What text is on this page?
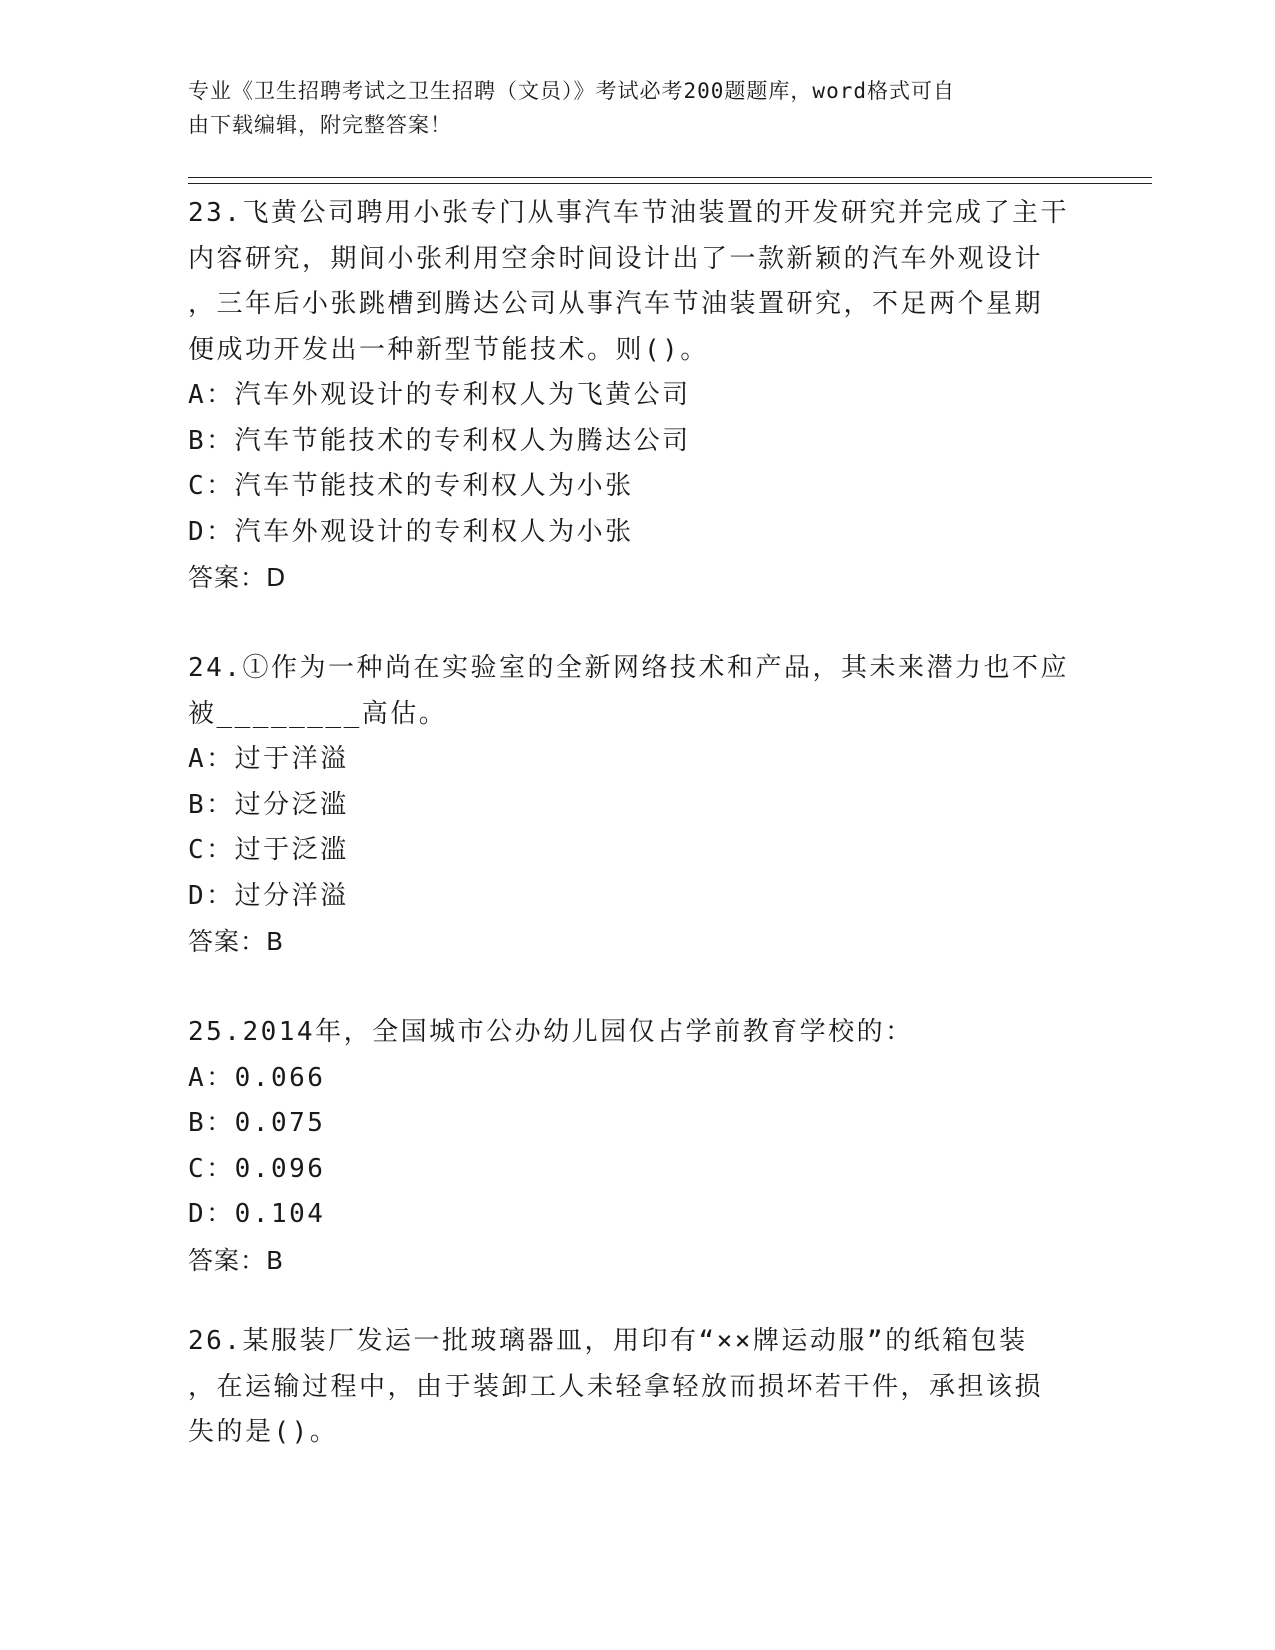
专业《卫生招聘考试之卫生招聘（文员）》考试必考200题题库，word格式可自
由下载编辑，附完整答案！

23.飞黄公司聘用小张专门从事汽车节油装置的开发研究并完成了主干

内容研究，期间小张利用空余时间设计出了一款新颖的汽车外观设计

，三年后小张跳槽到腾达公司从事汽车节油装置研究，不足两个星期

便成功开发出一种新型节能技术。则()。

A：汽车外观设计的专利权人为飞黄公司

B：汽车节能技术的专利权人为腾达公司

C：汽车节能技术的专利权人为小张

D：汽车外观设计的专利权人为小张

答案：D

24.①作为一种尚在实验室的全新网络技术和产品，其未来潜力也不应

被________高估。

A：过于洋溢

B：过分泛滥

C：过于泛滥

D：过分洋溢

答案：B

25.2014年，全国城市公办幼儿园仅占学前教育学校的：

A：0.066

B：0.075

C：0.096

D：0.104

答案：B

26.某服装厂发运一批玻璃器皿，用印有“××牌运动服”的纸箱包装

，在运输过程中，由于装卸工人未轻拿轻放而损坏若干件，承担该损

失的是()。
